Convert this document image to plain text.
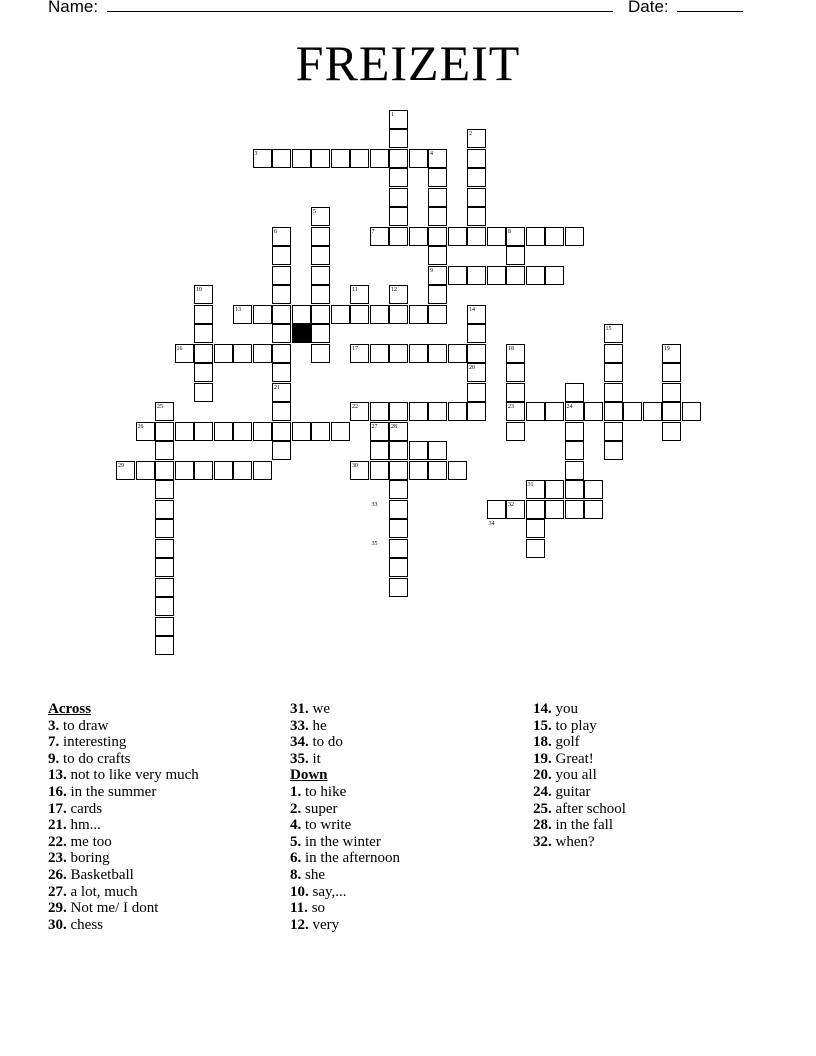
Name:	Date:
FREIZEIT
1
2
3	4
5
6	7	8
9
10	11	12
13	14
15
16	17	18	19
20
21
22	23	24
25
26	27 28
29	30
31
32
33
34
35
Across
3. to draw
7. interesting
9. to do crafts
13. not to like very much
16. in the summer
17. cards
21. hm...
22. me too
23. boring
26. Basketball
27. a lot, much
29. Not me/ I dont
30. chess
31. we
33. he
34. to do
35. it
Down
1. to hike
2. super
4. to write
5. in the winter
6. in the afternoon
8. she
10. say,...
11. so
12. very
14. you
15. to play
18. golf
19. Great!
20. you all
24. guitar
25. after school
28. in the fall
32. when?
